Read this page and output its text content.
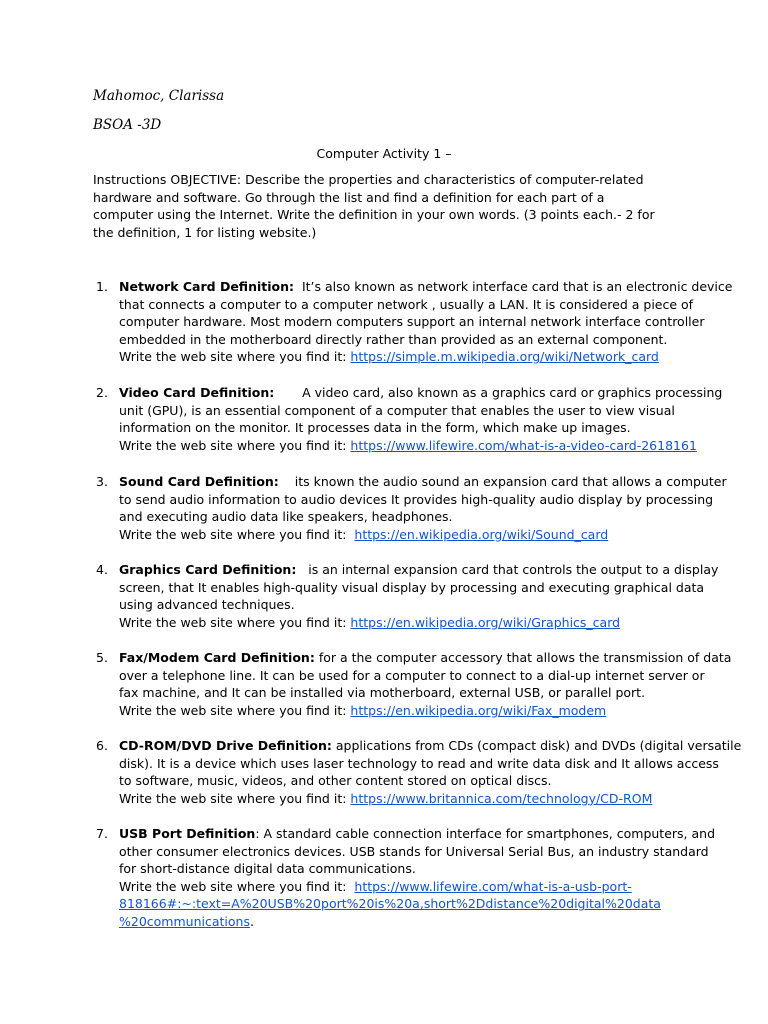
Mahomoc, Clarissa
BSOA -3D
Computer Activity 1 –
Instructions OBJECTIVE: Describe the properties and characteristics of computer-related hardware and software. Go through the list and find a definition for each part of a computer using the Internet. Write the definition in your own words. (3 points each.- 2 for the definition, 1 for listing website.)
1. Network Card Definition: It’s also known as network interface card that is an electronic device
that connects a computer to a computer network , usually a LAN. It is considered a piece of
computer hardware. Most modern computers support an internal network interface controller
embedded in the motherboard directly rather than provided as an external component.
Write the web site where you find it: https://simple.m.wikipedia.org/wiki/Network_card
2. Video Card Definition: A video card, also known as a graphics card or graphics processing
unit (GPU), is an essential component of a computer that enables the user to view visual
information on the monitor. It processes data in the form, which make up images.
Write the web site where you find it: https://www.lifewire.com/what-is-a-video-card-2618161
3. Sound Card Definition: its known the audio sound an expansion card that allows a computer
to send audio information to audio devices It provides high-quality audio display by processing
and executing audio data like speakers, headphones.
Write the web site where you find it: https://en.wikipedia.org/wiki/Sound_card
4. Graphics Card Definition: is an internal expansion card that controls the output to a display
screen, that It enables high-quality visual display by processing and executing graphical data
using advanced techniques.
Write the web site where you find it: https://en.wikipedia.org/wiki/Graphics_card
5. Fax/Modem Card Definition: for a the computer accessory that allows the transmission of data
over a telephone line. It can be used for a computer to connect to a dial-up internet server or
fax machine, and It can be installed via motherboard, external USB, or parallel port.
Write the web site where you find it: https://en.wikipedia.org/wiki/Fax_modem
6. CD-ROM/DVD Drive Definition: applications from CDs (compact disk) and DVDs (digital versatile
disk). It is a device which uses laser technology to read and write data disk and It allows access
to software, music, videos, and other content stored on optical discs.
Write the web site where you find it: https://www.britannica.com/technology/CD-ROM
7. USB Port Definition: A standard cable connection interface for smartphones, computers, and
other consumer electronics devices. USB stands for Universal Serial Bus, an industry standard
for short-distance digital data communications.
Write the web site where you find it: https://www.lifewire.com/what-is-a-usb-port-
818166#:~:text=A%20USB%20port%20is%20a,short%2Ddistance%20digital%20data
%20communications.
